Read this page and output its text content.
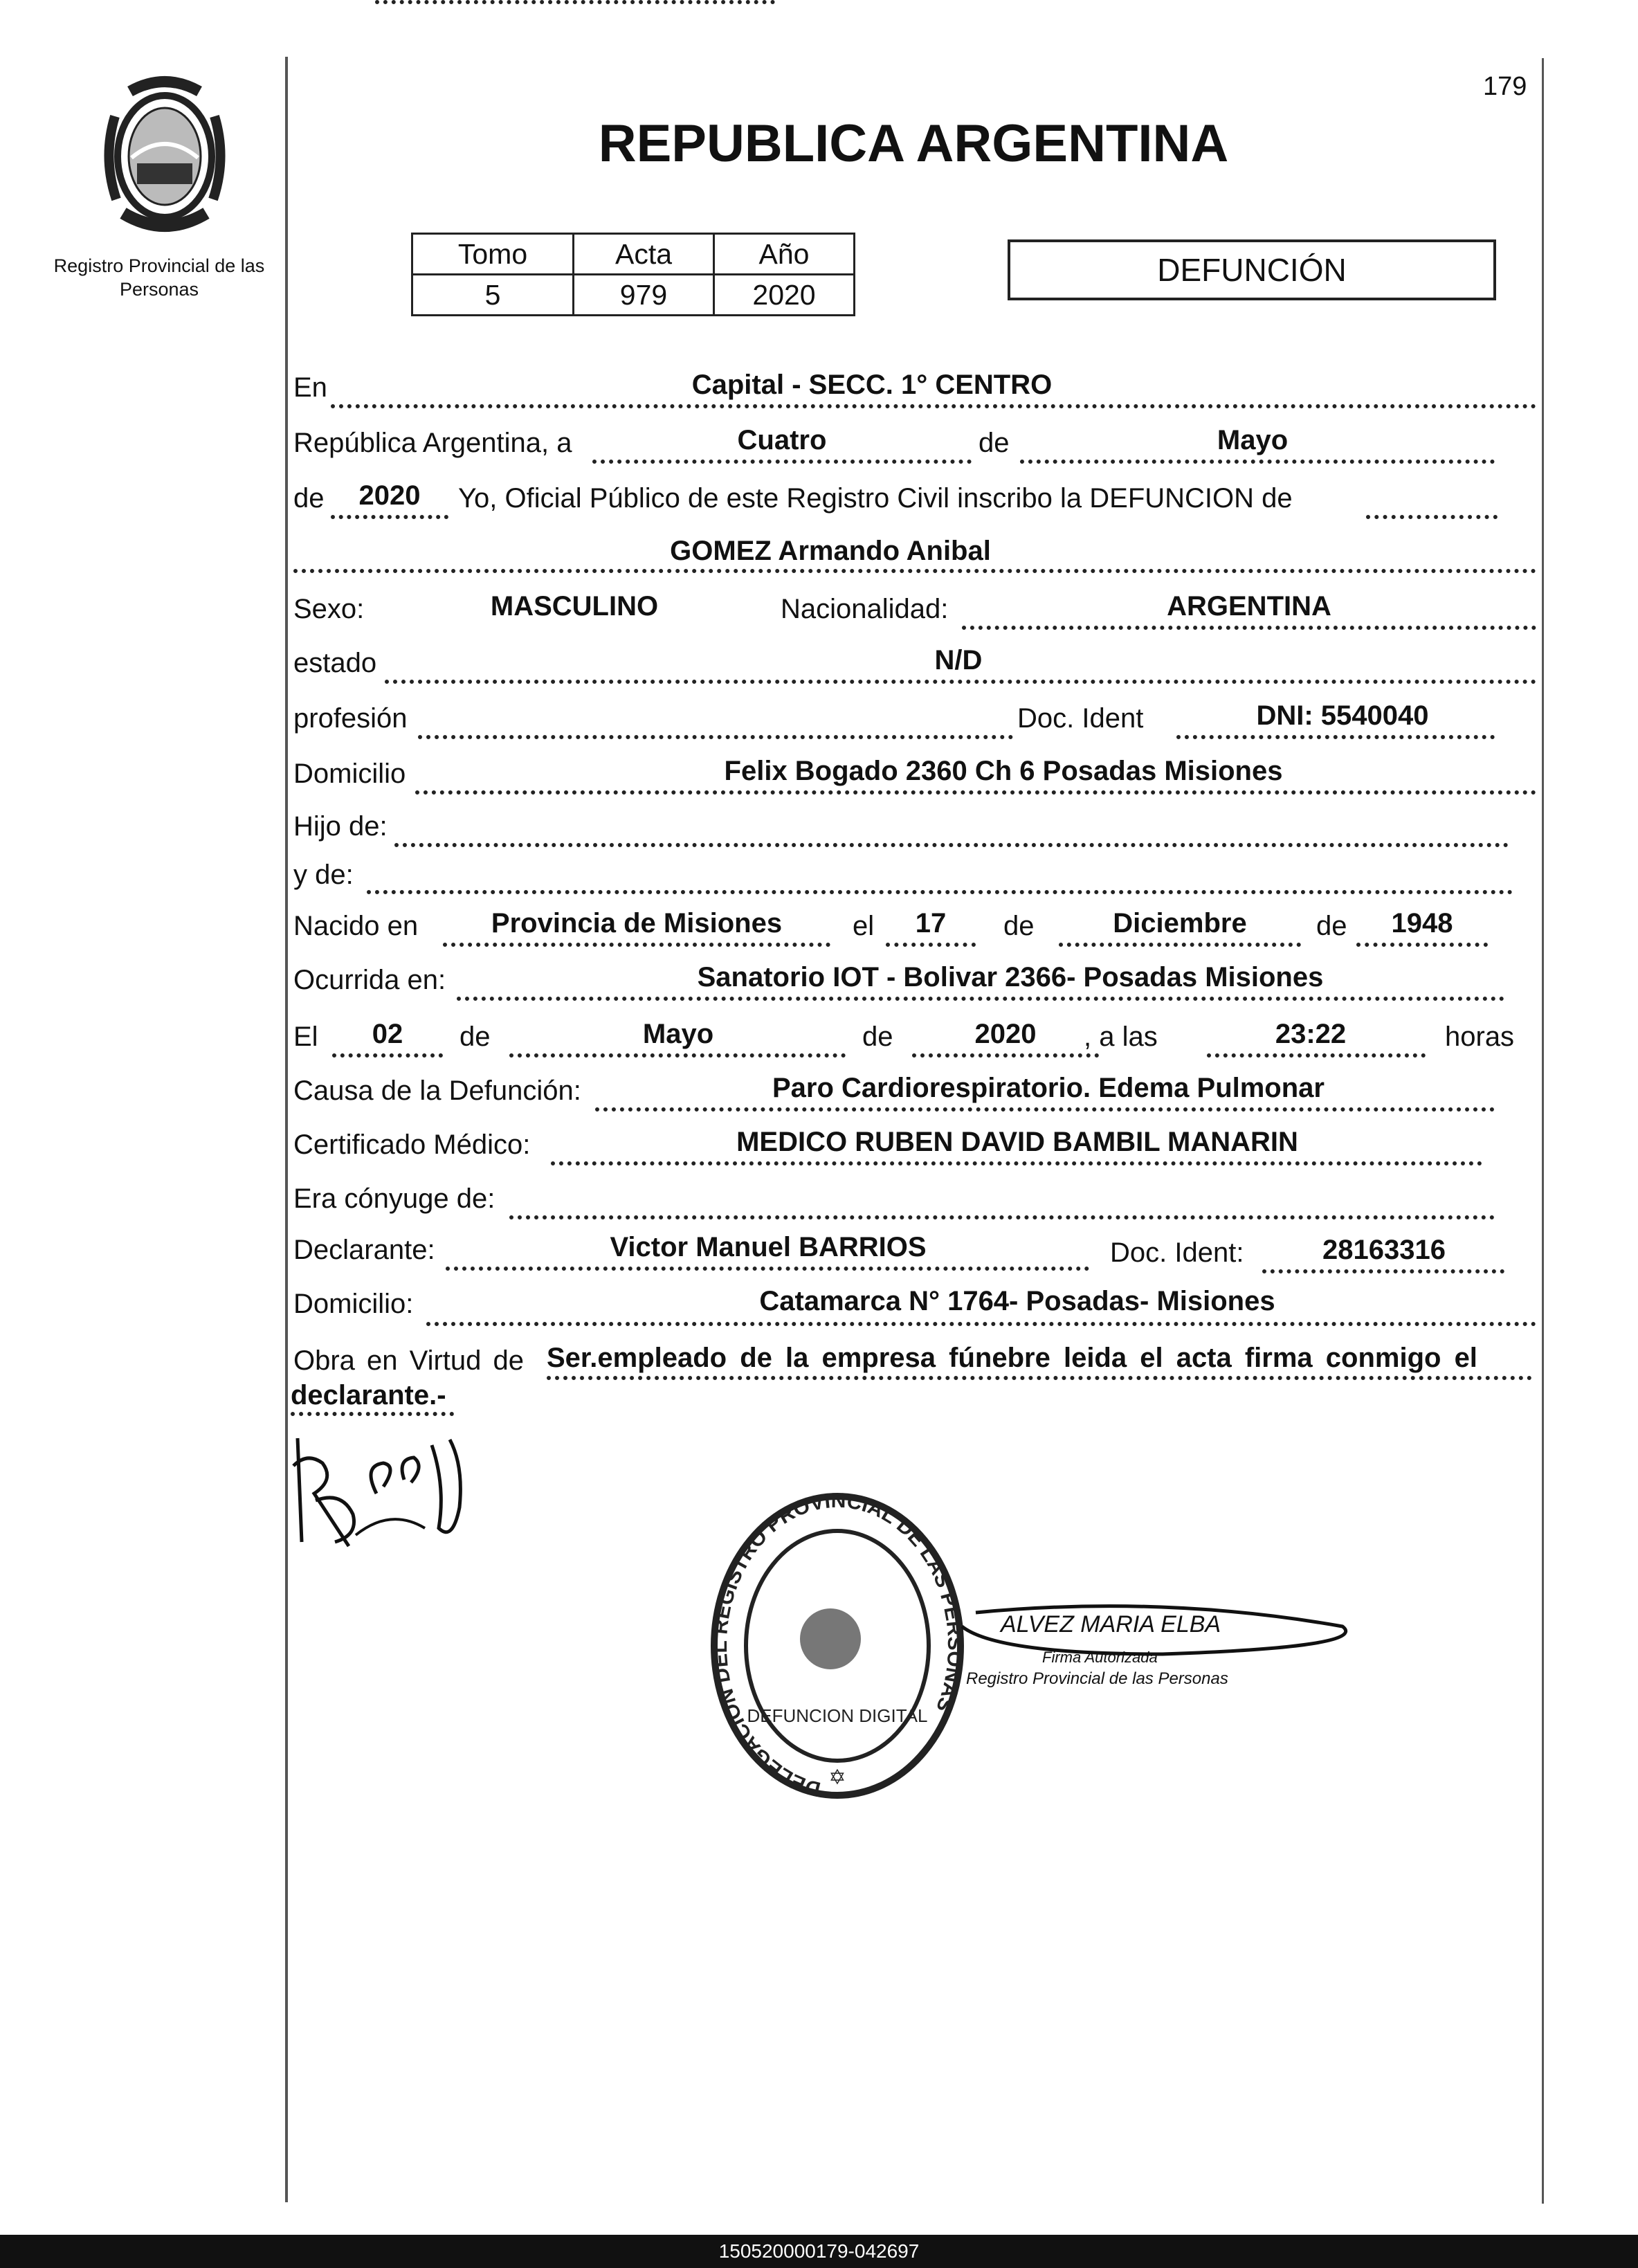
Registro Provincial de las Personas
179
REPUBLICA ARGENTINA
Tomo	Acta	Año
5	979	2020
DEFUNCIÓN
En	Capital - SECC. 1° CENTRO
República Argentina, a	Cuatro	de	Mayo
de	2020	Yo, Oficial Público de este Registro Civil inscribo la DEFUNCION de
GOMEZ Armando Anibal
Sexo:	MASCULINO	Nacionalidad:	ARGENTINA
estado	N/D
profesión	Doc. Ident	DNI: 5540040
Domicilio	Felix Bogado 2360 Ch 6 Posadas Misiones
Hijo de:
y de:
Nacido en	Provincia de Misiones	el	17	de	Diciembre	de	1948
Ocurrida en:	Sanatorio IOT - Bolivar 2366- Posadas Misiones
El	02	de	Mayo	de	2020	, a las	23:22	horas
Causa de la Defunción:	Paro Cardiorespiratorio. Edema Pulmonar
Certificado Médico:	MEDICO RUBEN DAVID BAMBIL MANARIN
Era cónyuge de:
Declarante:	Victor Manuel BARRIOS	Doc. Ident:	28163316
Domicilio:	Catamarca N° 1764- Posadas- Misiones
Obra en Virtud de Ser.empleado de la empresa fúnebre leida el acta firma conmigo el
declarante.-
DELEGACION DEL REGISTRO PROVINCIAL DE LAS PERSONAS
DEFUNCION DIGITAL
✡
ALVEZ MARIA ELBA
Firma Autorizada
Registro Provincial de las Personas
150520000179-042697
